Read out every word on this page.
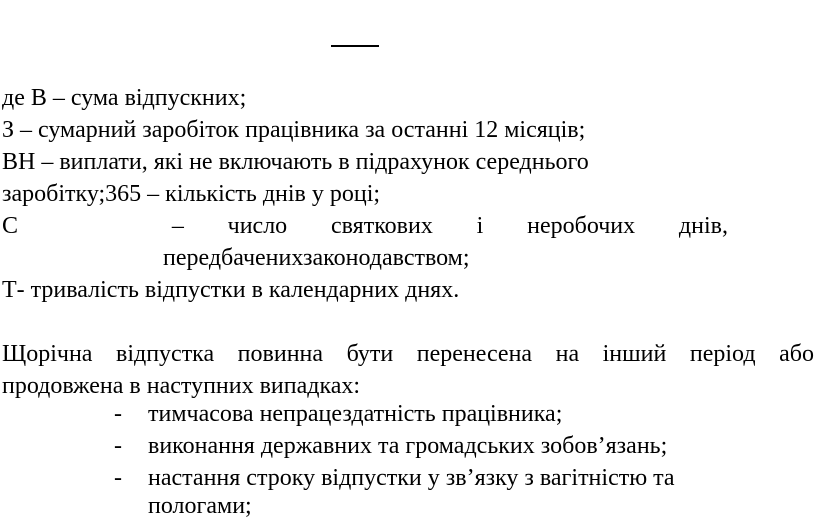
де В – сума відпускних;
З – сумарний заробіток працівника за останні 12 місяців;
ВН – виплати, які не включають в підрахунок середнього
заробітку;365 – кількість днів у році;
С	– число святкових і неробочих днів,
передбаченихзаконодавством;
Т- тривалість відпустки в календарних днях.
Щорічна відпустка повинна бути перенесена на інший період або
продовжена в наступних випадках:
- тимчасова непрацездатність працівника;
- виконання державних та громадських зобов’язань;
- настання строку відпустки у зв’язку з вагітністю та
пологами;
